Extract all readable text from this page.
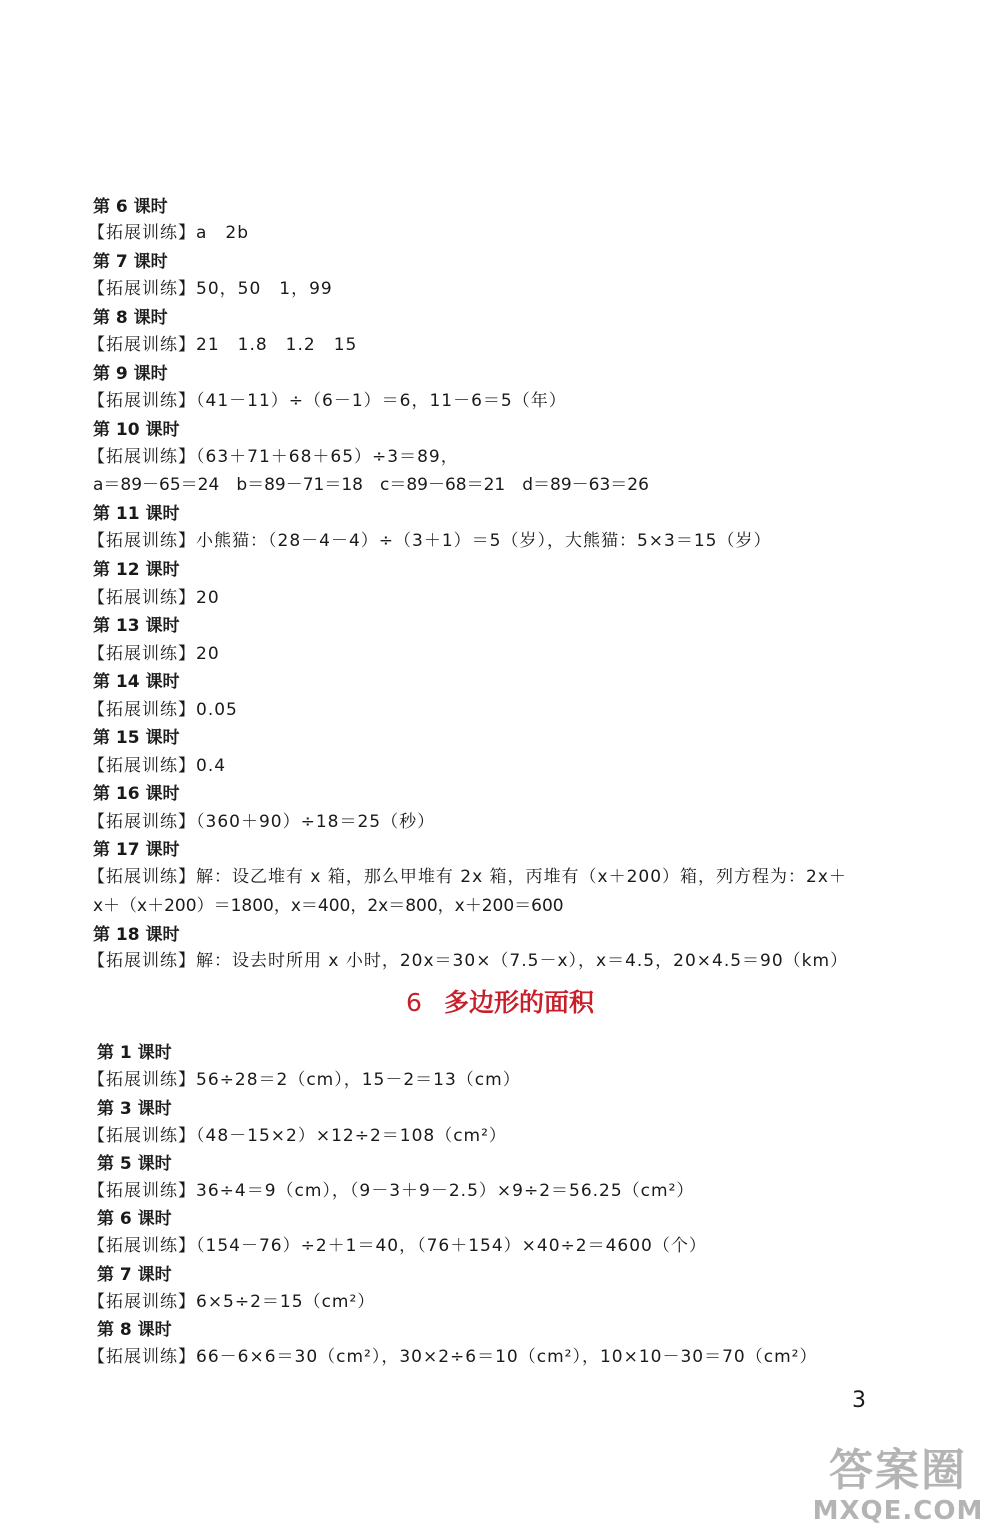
第 6 课时
【拓展训练】a　2b
第 7 课时
【拓展训练】50，50　1，99
第 8 课时
【拓展训练】21　1.8　1.2　15
第 9 课时
【拓展训练】（41－11）÷（6－1）＝6，11－6＝5（年）
第 10 课时
【拓展训练】（63＋71＋68＋65）÷3＝89，
a＝89－65＝24　b＝89－71＝18　c＝89－68＝21　d＝89－63＝26
第 11 课时
【拓展训练】小熊猫：（28－4－4）÷（3＋1）＝5（岁），大熊猫：5×3＝15（岁）
第 12 课时
【拓展训练】20
第 13 课时
【拓展训练】20
第 14 课时
【拓展训练】0.05
第 15 课时
【拓展训练】0.4
第 16 课时
【拓展训练】（360＋90）÷18＝25（秒）
第 17 课时
【拓展训练】解：设乙堆有 x 箱，那么甲堆有 2x 箱，丙堆有（x＋200）箱，列方程为：2x＋
x＋（x＋200）＝1800，x＝400，2x＝800，x＋200＝600
第 18 课时
【拓展训练】解：设去时所用 x 小时，20x＝30×（7.5－x），x＝4.5，20×4.5＝90（km）
6 多边形的面积
第 1 课时
【拓展训练】56÷28＝2（cm），15－2＝13（cm）
第 3 课时
【拓展训练】（48－15×2）×12÷2＝108（cm²）
第 5 课时
【拓展训练】36÷4＝9（cm），（9－3＋9－2.5）×9÷2＝56.25（cm²）
第 6 课时
【拓展训练】（154－76）÷2＋1＝40，（76＋154）×40÷2＝4600（个）
第 7 课时
【拓展训练】6×5÷2＝15（cm²）
第 8 课时
【拓展训练】66－6×6＝30（cm²），30×2÷6＝10（cm²），10×10－30＝70（cm²）
3
答案圈
MXQE.COM
